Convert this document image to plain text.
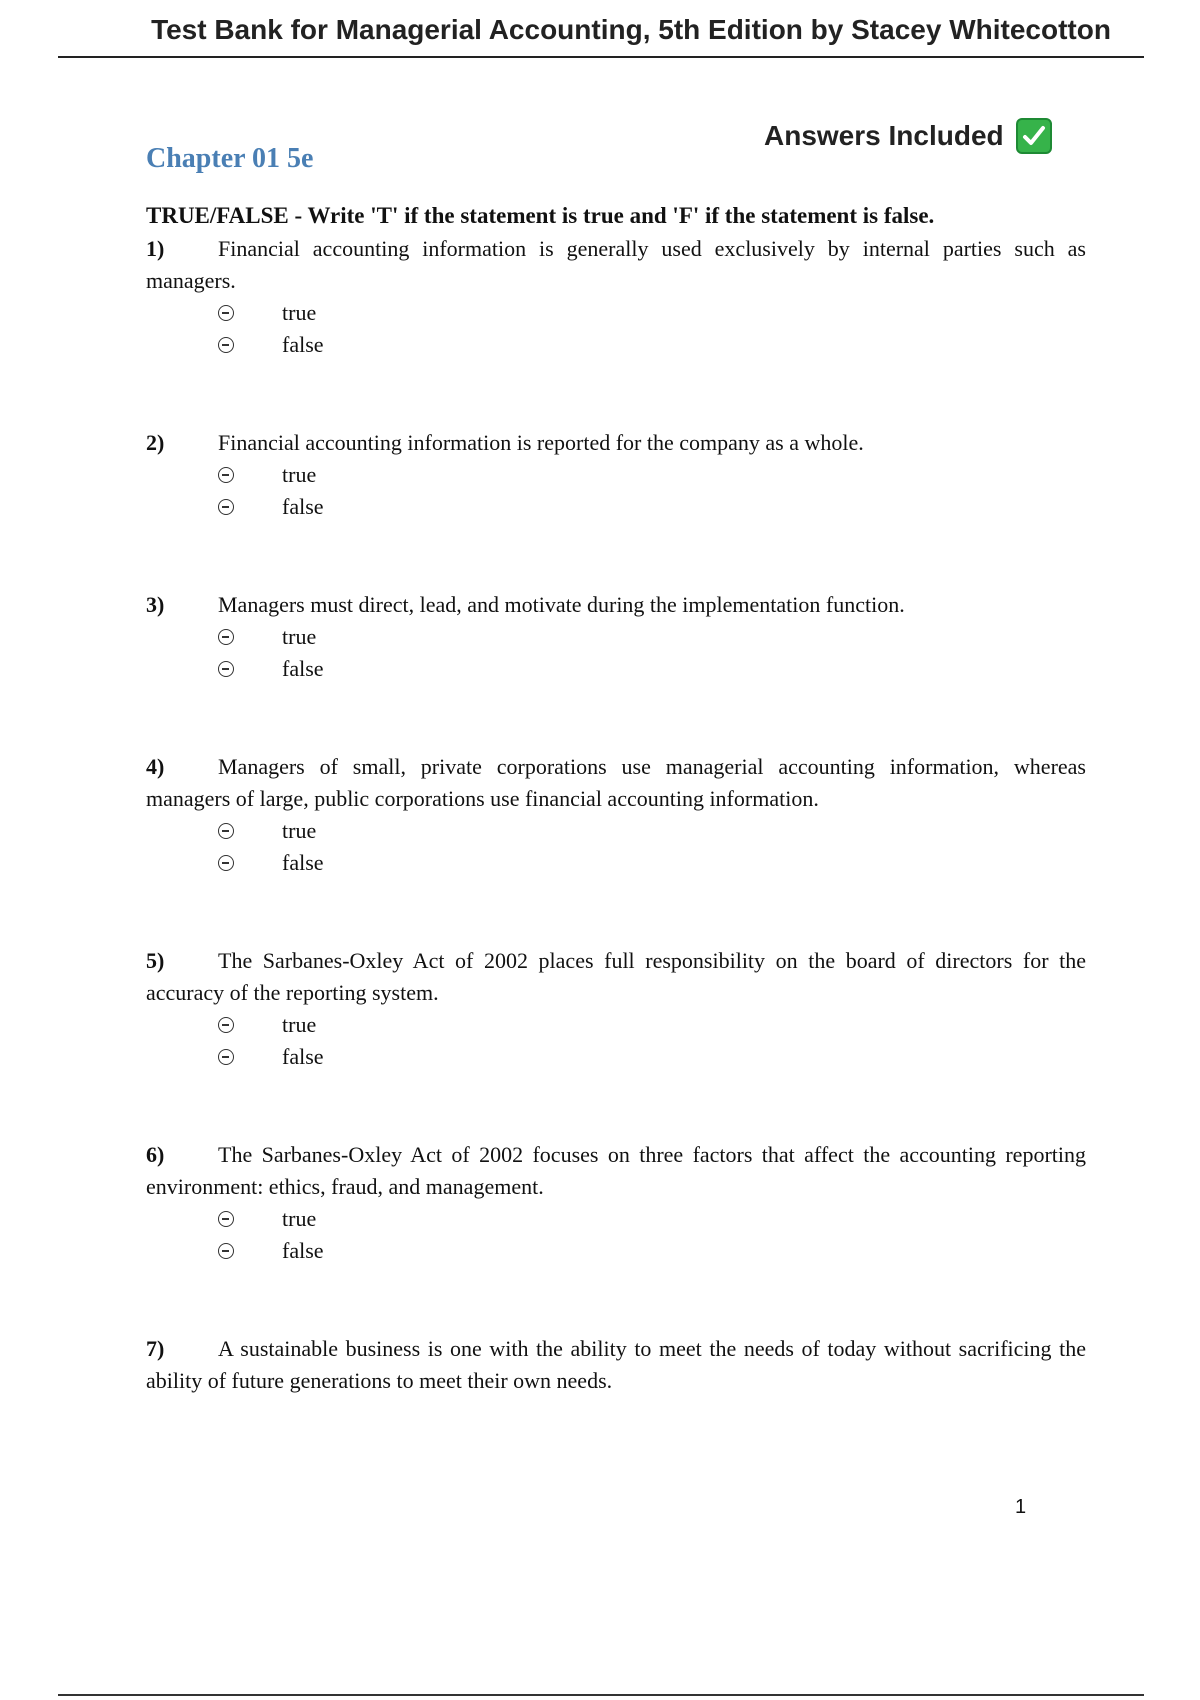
Test Bank for Managerial Accounting, 5th Edition by Stacey Whitecotton
Answers Included
Chapter 01 5e
TRUE/FALSE - Write 'T' if the statement is true and 'F' if the statement is false.
1) Financial accounting information is generally used exclusively by internal parties such as managers.
true
false
2) Financial accounting information is reported for the company as a whole.
true
false
3) Managers must direct, lead, and motivate during the implementation function.
true
false
4) Managers of small, private corporations use managerial accounting information, whereas managers of large, public corporations use financial accounting information.
true
false
5) The Sarbanes-Oxley Act of 2002 places full responsibility on the board of directors for the accuracy of the reporting system.
true
false
6) The Sarbanes-Oxley Act of 2002 focuses on three factors that affect the accounting reporting environment: ethics, fraud, and management.
true
false
7) A sustainable business is one with the ability to meet the needs of today without sacrificing the ability of future generations to meet their own needs.
1
